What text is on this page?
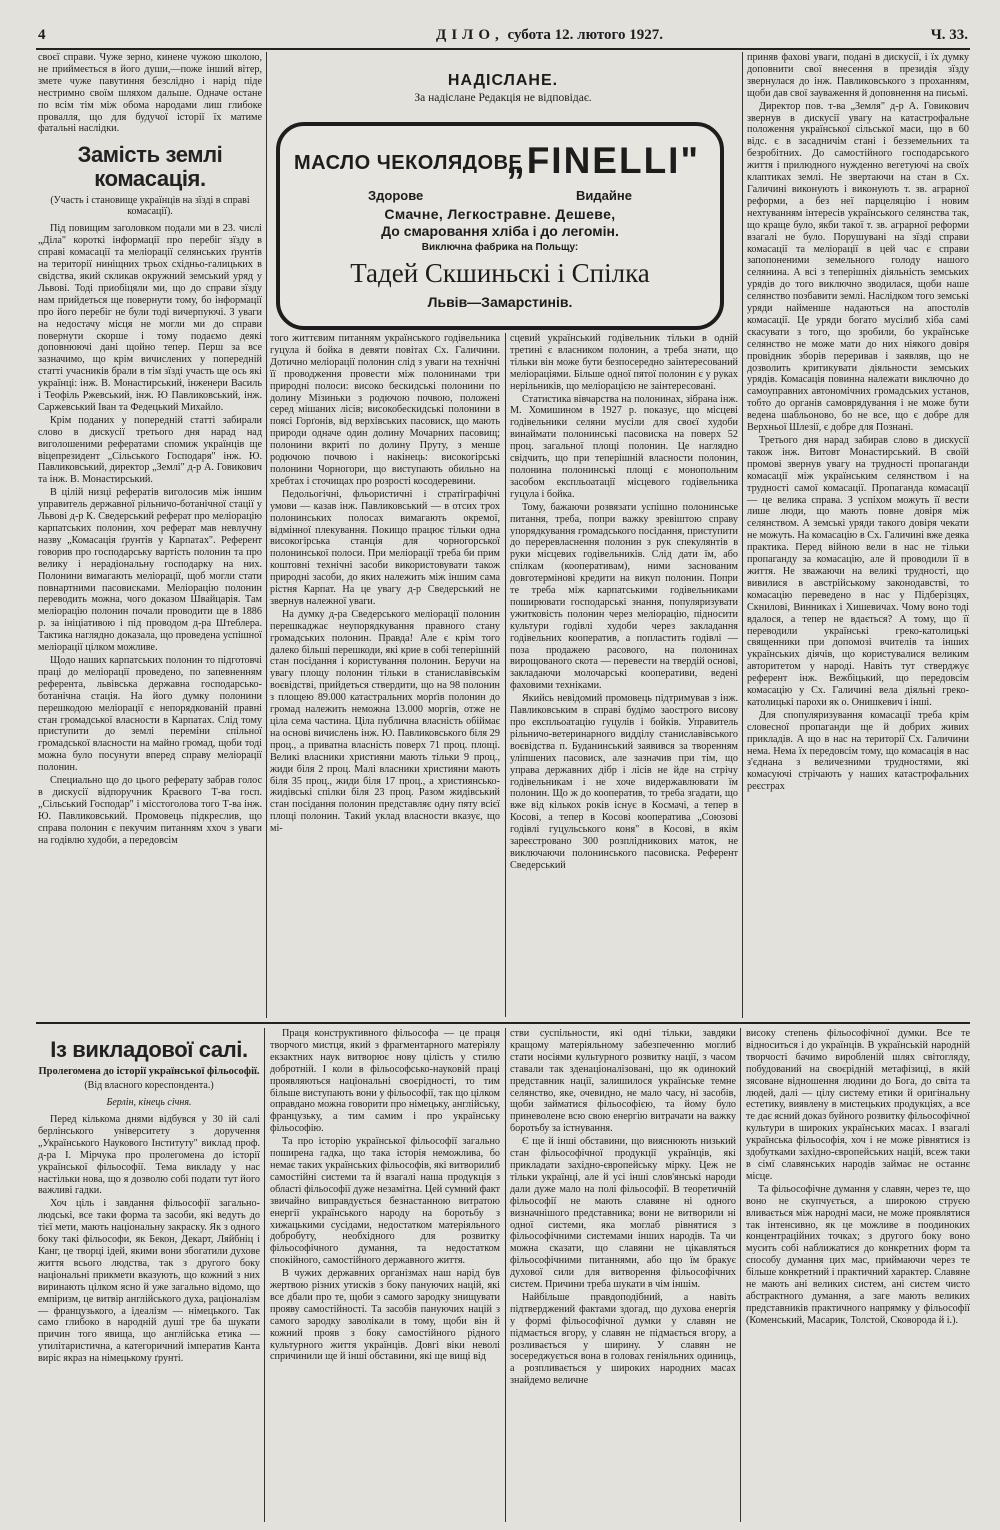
4	ДІЛО, субота 12. лютого 1927.	Ч. 33.

своєї справи. Чуже зерно, кинене чужою школою, не приймеється в його души,—поже інший вітер, змете чуже павутиння безслідно і нарід піде нестримно своїм шляхом дальше. Одначе остане по всім тім між обома народами лиш глибоке провалля, що для будучої історії їх матиме фатальні наслідки.

Замість землі комасація.
(Участь і становище українців на зїзді в справі комасації).

Під повищим заголовком подали ми в 23. числі „Діла" короткі інформації про перебіг зїзду в справі комасації та меліорації селянських ґрунтів на території ниніщних трьох східньо-галицьких в свідства, який скликав окружний земський уряд у Львові. Тоді приобіцяли ми, що до справи зїзду нам прийдеться ще повернути тому, бо інформації про його перебіг не були тоді вичерпуючі. З уваги на недостачу місця не могли ми до справи повернути скорше і тому подаємо деякі доповнюючі дані щойно тепер. Перш за все зазначимо, що крім вичислених у попередній статті учасників брали в тім зїзді участь ще ось які українці: інж. В. Монастирський, інженери Василь і Теофіль Ржевський, інж. Ю Павликовський, інж. Саржевський Іван та Федецький Михайло.

Крім поданих у попередній статті забирали слово в дискусії третього дня нарад над виголошеними рефератами спомиж українців ще віцепрезидент „Сільського Господаря" інж. Ю. Павликовський, директор „Землі" д-р А. Говикович та інж. В. Монастирський.

В цілій низці рефератів виголосив між іншим управитель державної рільничо-ботанічної стації у Львові д-р К. Сведерський реферат про меліорацію карпатських полонин, хоч реферат мав невлучну назву „Комасація ґрунтів у Карпатах". Референт говорив про господарську вартість полонин та про велику і нерадіональну господарку на них. Полонини вимагають меліорації, щоб могли стати повнартними пасовисками. Меліорацію полонин переводить можна, чого доказом Швайцарія. Там меліорацію полонин почали проводити ще в 1886 р. за ініціативою і під проводом д-ра Штеблера. Тактика наглядно доказала, що проведена успішної меліорації цілком можливе.

Щодо наших карпатських полонин то підготовчі праці до меліорації проведено, по запевненням референта, львівська державна господарсько-ботанічна стація. На його думку полонини перешкодою меліорації є непорядкованій правні стан громадської власности в Карпатах. Слід тому приступити до землі переміни спільної громадської власности на майно громад, щоби тоді можна було посунути вперед справу меліорації полонин.

Специально що до цього реферату забрав голос в дискусії відпоручник Краєвого Т-ва госп. „Сільський Господар" і місстоголова того Т-ва інж. Ю. Павликовський. Промовець підкреслив, що справа полонин є пекучим питанням ххоч з уваги на годівлю худоби, а передовсім

НАДІСЛАНЕ.
За надіслане Редакція не відповідає.
МАСЛО ЧЕКОЛЯДОВЕ
„FINELLI"
Здорове	Видайне
Смачне, Легкостравне. Дешеве,
До смаровання хліба і до легомін.
Виключна фабрика на Польщу:
Тадей Скшиньскі і Спілка
Львів—Замарстинів.

того життєвим питанням українського годівельника гуцула й бойка в девяти повітах Сх. Галичини. Дотично меліорації полонин слід з уваги на технічні її проводження провести між полонинами три природні полоси: високо бескидські полонини по долину Мізиньки з родючою почвою, положені серед мішаних лісів; високобескидські полонини в поясі Горґонів, від верхівських пасовиск, що мають природи одначе один долину Мочарних пасовищ; полонини вкриті по долину Пруту, з менше родючою почвою і накінець: високогірські полонини Чорногори, що виступають обильно на хребтах і сточищах про розрості косодеревини.

Педольогічні, фльористичні і стратіграфічні умови — казав інж. Павликовський — в отсих трох полонинських полосах вимагають окремої, відмінної плекування. Покищо працює тільки одна високогірська станція для чорногорської полонинської полоси. При меліорації треба би прим коштовні технічні засоби використовувати також природні засоби, до яких належить між іншим сама рістня Карпат. На це увагу д-р Сведерський не звернув належної уваги.

На думку д-ра Сведерського меліорації полонин перешкаджає неупорядкування правного стану громадських полонин. Правда! Але є крім того далеко більші перешкоди, які крие в собі теперішній стан посідання і користування полонин. Беручи на увагу площу полонин тільки в станиславівськім воєвідстві, прийдеться ствердити, що на 98 полонин з площею 89.000 катастральних морґів полонин до громад належить неможна 13.000 моргів, отже не ціла сема частина. Ціла публична власність обіймає на основі вичислень інж. Ю. Павликовського біля 29 проц., а приватна власність поверх 71 проц. площі. Великі власники християни мають тільки 9 проц., жиди біля 2 проц. Малі власники християни мають біля 35 проц., жиди біля 17 проц., а християнсько-жидівські спілки біля 23 проц. Разом жидівський стан посідання полонин представляє одну пяту всієї площі полонин. Такий уклад власности вказує, що мі-

сцевий український годівельник тільки в одній третині є власником полонин, а треба знати, що тільки він може бути безпосередно заінтересований меліораціями. Більше одної пятої полонин є у руках нерільників, що меліорацією не заінтересовані.

Статистика вівчарства на полонинах, зібрана інж. М. Хомишином в 1927 р. показує, що місцеві годівельники селяни мусіли для своєї худоби винаймати полонинські пасовиска на поверх 52 проц. загальної площі полонин. Це наглядно свідчить, що при теперішній власности полонин, полонина полонинські площі є монопольним засобом експльоатації місцевого годівельника гуцула і бойка.

Тому, бажаючи розвязати успішно полонинське питання, треба, попри важку зревіштою справу упорядкування громадського посідання, приступити до переревласнення полонин з рук спекулянтів в руки місцевих годівельників. Слід дати їм, або спілкам (кооперативам), ними заснованим довготермінові кредити на викуп полонин. Попри те треба між карпатськими годівельниками поширювати господарські знання, популяризувати ужитковість полонин через меліорацію, підносити культури годівлі худоби через закладання годівельних кооператив, а попластить годівлі — поза продажею расового, на полонинах вирощованого скота — перевести на твердій основі, закладаючи молочарські кооперативи, ведені фаховими техніками.

Якийсь невідомий промовець підтримував з інж. Павликовським в справі будімо заострого висову про експльоатацію гуцулів і бойків. Управитель рільничо-ветеринарного видділу станиславівського воєвідства п. Буданинський заявився за творенням уліпшених пасовиск, але зазначив при тім, що управа державних дібр і лісів не йде на стрічу годівельникам і не хоче видержавлювати їм полонин. Що ж до кооператив, то треба згадати, що вже від кількох років існує в Космачі, а тепер в Косові, а тепер в Косові кооператива „Союзові годівлі гуцульського коня" в Косові, в якім зареєстровано 300 розплідникових маток, не виключаючи полонинського пасовиска. Референт Сведерський

приняв фахові уваги, подані в дискусії, і їх думку доповнити свої внесення в президія зїзду звернулася до інж. Павликовського з проханням, щоби дав свої зауваження й доповнення на письмі.

Директор пов. т-ва „Земля" д-р А. Говикович звернув в дискусії увагу на катастрофальне положення української сільської маси, що в 60 відс. є в засадничім стані і безземельних та безробітних. До самостійного господарського життя і прилюдного нужденно вегетуючі на своїх клаптиках землі. Не звертаючи на стан в Сх. Галичині виконують і виконують т. зв. аграрної реформи, а без неї парцеляцію і новим нехтуванням інтересів українського селянства так, що краще було, якби такої т. зв. аграрної реформи взагалі не було. Порушувані на зїзді справи комасації та меліорації в цей час є справи запопоненими земельного голоду нашого селянина. А всі з теперішніх діяльність земських урядів до того виключно зводилася, щоби наше селянство позбавити землі. Наслідком того земські уряди найменше надаються на апостолів комасації. Це уряди богато мусілиб хіба самі скасувати з того, що зробили, бо українське селянство не може мати до них ніякого довіря провідник зборів переривав і заявляв, що не дозволить критикувати діяльности земських урядів. Комасація повинна належати виключно до самоуправних автономічних громадських установ, тобто до органів самоврядування і не може бути ведена шабльоново, бо не все, що є добре для Верхньої Шлезії, є добре для Познані.

Третього дня нарад забирав слово в дискусії також інж. Витовт Монастирський. В своїй промові звернув увагу на трудності пропаганди комасації між українським селянством і на трудності самої комасації. Пропаганда комасації — це велика справа. З успіхом можуть її вести лише люди, що мають повне довіря між селянством. А земські уряди такого довіря чекати не можуть. На комасацію в Сх. Галичині вже деяка практика. Перед війною вели в нас не тільки пропаганду за комасацію, але й проводили її в життя. Не зважаючи на великі трудності, що вивилися в австрійському законодавстві, то комасацію переведено в нас у Підберізцях, Скнилові, Винниках і Хишевичах. Чому воно тоді вдалося, а тепер не вдається? А тому, що її переводили українські греко-католицькі священники при допомозі вчителів та інших українських діячів, що користувалися великим авторитетом у народі. Навіть тут стверджує референт інж. Вежбіцький, що передовсім комасацію у Сх. Галичині вела діяльні греко-католицькі парохи як о. Онишкевич і інші.

Для спопуляризування комасації треба крім словесної пропаганди ще й добрих живих прикладів. А що в нас на території Сх. Галичини нема. Нема їх передовсім тому, що комасація в нас з'єднана з величезними трудностями, які комасуючі стрічають у наших катастрофальних реєстрах

Із викладової салі.
Пролегомена до історії української фільософії.
(Від власного кореспондента.)
Берлін, кінець січня.

Перед кількома днями відбувся у 30 ій салі берлінського університету з доручення „Українського Наукового Інституту" виклад проф. д-ра І. Мірчука про пролегомена до історії української фільософії. Тема викладу у нас настільки нова, що я дозволю собі подати тут його важливі гадки.

Хоч ціль і завдання фільософії загально-людські, все таки форма та засоби, які ведуть до тієї мети, мають національну закраску. Як з одного боку такі фільософи, як Бекон, Декарт, Ляйбніц і Канг, це творці ідей, якими вони збогатили духове життя всього людства, так з другого боку національні прикмети вказують, що кожний з них виринають цілком ясно й уже загально відомо, що емпіризм, це витвір англійського духа, раціоналізм — французького, а ідеалізм — німецького. Так само глибоко в народній душі тре ба шукати причин того явища, що англійська етика — утилітаристична, а категоричний імператив Канта виріс якраз на німецькому ґрунті.

Праця конструктивного фільософа — це праця творчого мистця, який з фрагментарного матеріялу екзактних наук витворює нову цілість у стилю добротній. І коли в фільософсько-науковій праці проявляються національні своєрідності, то тим більше виступають вони у фільософії, так що цілком оправдано можна говорити про німецьку, англійську, французьку, а тим самим і про українську фільософію.

Та про історію української фільософії загально поширена гадка, що така історія неможлива, бо немає таких українських фільософів, які витворилиб самостійні системи та й взагалі наша продукція з області фільософії дуже незамітна. Цей сумний факт звичайно виправдується безнастанною витратою енергії українського народу на боротьбу з хижацькими сусідами, недостатком матеріяльного добробуту, необхідного для розвитку фільософічного думання, та недостатком спокійного, самостійного державного життя.

В чужих державних організмах наш нарід був жертвою різних утисків з боку пануючих націй, які все дбали про те, щоби з самого зародку знищувати прояву самостійності. Та засобів пануючих націй з самого зародку заволікали в тому, щоби він й кожний прояв з боку самостійного рідного культурного життя українців. Довгі віки неволі спричинили ще й інші обставини, які ще вищі від

стви суспільности, які одні тільки, завдяки кращому матеріяльному забезпеченню моглиб стати носіями культурного розвитку нації, з часом ставали так зденаціоналізовані, що як одинокий представник нації, залишилося українське темне селянство, яке, очевидно, не мало часу, ні засобів, щоби займатися фільософією, та йому було приневолене всю свою енергію витрачати на важку боротьбу за істнування.

Є ще й інші обставини, що вияснюють низький стан фільософічної продукції українців, які прикладати західно-європейську мірку. Цеж не тільки українці, але й усі інші слов'янські народи дали дуже мало на полі фільософії. В теоретичній фільософії не мають славяне ні одного визначнішого представника; вони не витворили ні одної системи, яка моглаб рівнятися з фільософічними системами інших народів. Та чи можна сказати, що славяни не цікавляться фільософічними питаннями, або що їм бракує духової сили для витворення фільософічних систем. Причини треба шукати в чім іншім.

Найбільше правдоподібний, а навіть підтверджений фактами здогад, що духова енергія у формі фільософічної думки у славян не підмається вгору, у славян не підмається вгору, а розливається у ширину. У славян не зосереджується вона в головах геніяльних одиниць, а розпливається у широких народних масах знайдемо величне

високу степень фільософічної думки. Все те відноситься і до українців. В українській народній творчості бачимо виробленій шлях світогляду, побудований на своєрідній метафізиці, в якій зясоване відношення людини до Бога, до світа та людей, далі — цілу систему етики й оригінальну естетику, виявлену в мистецьких продукціях, а все те дає ясний доказ буйного розвитку фільософічної культури в широких українських масах. І взагалі українська фільософія, хоч і не може рівнятися із здобутками західно-європейських націй, всеж таки в сімї славянських народів займає не останнє місце.

Та фільософічне думання у славян, через те, що воно не скупчується, а широкою струєю вливається між народні маси, не може проявлятися так інтенсивно, як це можливе в поодиноких концентраційних точках; з другого боку воно мусить собі наближатися до конкретних форм та способу думання цих мас, приймаючи через те більше конкретний і практичний характер. Славяне не мають ані великих систем, ані систем чисто абстрактного думання, а заге мають великих представників практичного напрямку у фільософії (Коменський, Масарик, Толстой, Сковорода й і.).
